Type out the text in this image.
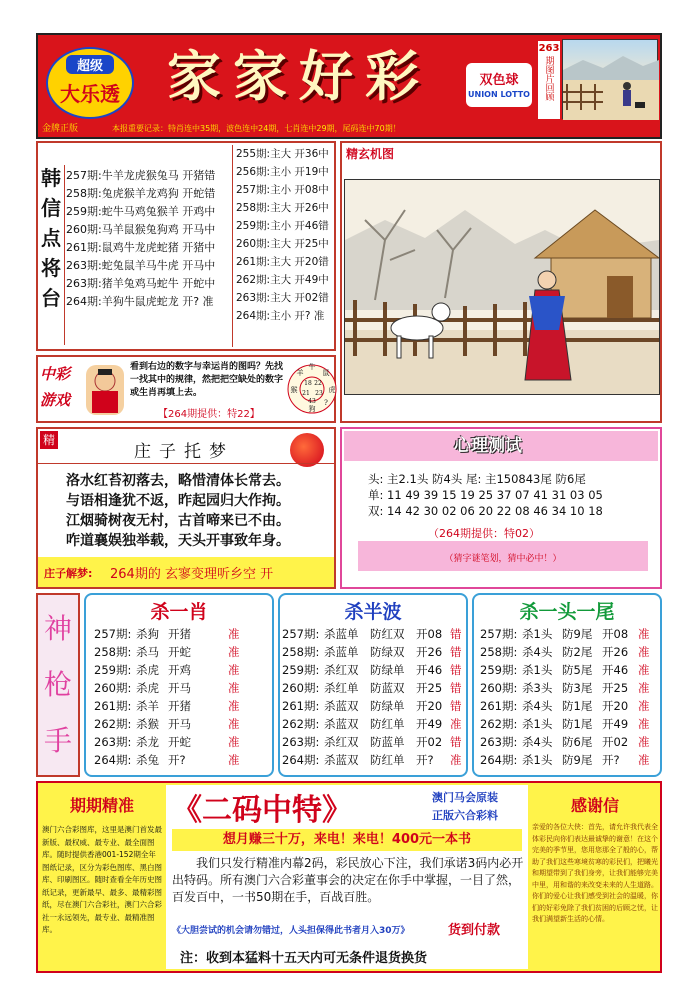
超级
大乐透 家家好彩	双色球
UNION LOTTO
263
期图片回顾
金牌正版	本报重要记录：特肖连中35期，波色连中24期，七肖连中29期，尾码连中70期！
韩
信
点
将
台
257期:牛羊龙虎猴兔马 开猪错
258期:兔虎猴羊龙鸡狗 开蛇错
259期:蛇牛马鸡兔猴羊 开鸡中
260期:马羊鼠猴兔狗鸡 开马中
261期:鼠鸡牛龙虎蛇猪 开猪中
263期:蛇兔鼠羊马牛虎 开马中
263期:猪羊兔鸡马蛇牛 开蛇中
264期:羊狗牛鼠虎蛇龙 开? 准
255期:主大 开36中
256期:主小 开19中
257期:主小 开08中
258期:主大 开26中
259期:主小 开46错
260期:主大 开25中
261期:主大 开20错
262期:主大 开49中
263期:主大 开02错
264期:主小 开? 准
精玄机图
中彩
游戏
看到右边的数字与幸运肖的图吗？先找一找其中的规律，然把把空缺处的数字或生肖再填上去。
【264期提供：特22】
牛
鼠
虎
羊
猴
狗
18 22
21 23
43 ?
精
庄子托梦
洛水红苔初落去，略惜清体长常去。
与语相逢犹不返，昨起园归大作拘。
江烟骑树夜无村，古首啼来已不由。
咋道襄娱独举载，天头开事致年身。
庄子解梦: 264期的 玄寥变理听乡空 开
心理测试
头: 主2.1头 防4头 尾: 主150843尾 防6尾
单: 11 49 39 15 19 25 37 07 41 31 03 05
双: 14 42 30 02 06 20 22 08 46 34 10 18
（264期提供：特02）
（猜字谜笔划，猜中必中！）
神
枪
手
杀一肖
257期: 杀狗 开猪	准
258期: 杀马 开蛇	准
259期: 杀虎 开鸡	准
260期: 杀虎 开马	准
261期: 杀羊 开猪	准
262期: 杀猴 开马	准
263期: 杀龙 开蛇	准
264期: 杀兔 开?	准
杀半波
257期: 杀蓝单 防红双 开08 错
258期: 杀蓝单 防绿双 开26 错
259期: 杀红双 防绿单 开46 错
260期: 杀红单 防蓝双 开25 错
261期: 杀蓝双 防绿单 开20 错
262期: 杀蓝双 防红单 开49 准
263期: 杀红双 防蓝单 开02 错
264期: 杀蓝双 防红单 开? 准
杀一头一尾
257期: 杀1头 防9尾 开08 准
258期: 杀4头 防2尾 开26 准
259期: 杀1头 防5尾 开46 准
260期: 杀3头 防3尾 开25 准
261期: 杀4头 防1尾 开20 准
262期: 杀1头 防1尾 开49 准
263期: 杀4头 防6尾 开02 准
264期: 杀1头 防9尾 开? 准
期期精准
澳门六合彩图库，这里是澳门首发最新版、最权威、最专业、最全面图库。随时提供香港001-152期全年图纸记录，区分为彩色图库、黑白图库、印刷图区。随时查看全年历史图纸记录，更新最早、最多、最精彩图纸，尽在澳门六合彩社，澳门六合彩社一永远领先，最专业、最精准图库。
《二码中特》	澳门马会原装
正版六合彩料
想月赚三十万，来电！来电！400元一本书
我们只发行精准内幕2码，彩民放心下注，我们承诺3码内必开出特码。所有澳门六合彩董事会的决定在你手中掌握，一目了然，百发百中，一书50期在手，百战百胜。
《大胆尝试的机会请勿错过，人头担保得此书者月入30万》	货到付款
注：收到本猛料十五天内可无条件退货换货
感谢信
亲爱的各位大侠：首先，请允许我代表全体彩民向你们表达最诚挚的谢意！在这个完美的季节里，您用您那全了般的心，帮助了我们这些寒境贫寒的彩民们，把曦光和期望带到了我们身旁，让我们能够完美中里，用和谐的来改变未来的人生道路。你们的爱心让我们感受到社会的温暖，你们的好彩免除了我们贫困的后顾之忧，让我们满望新生活的心情。
